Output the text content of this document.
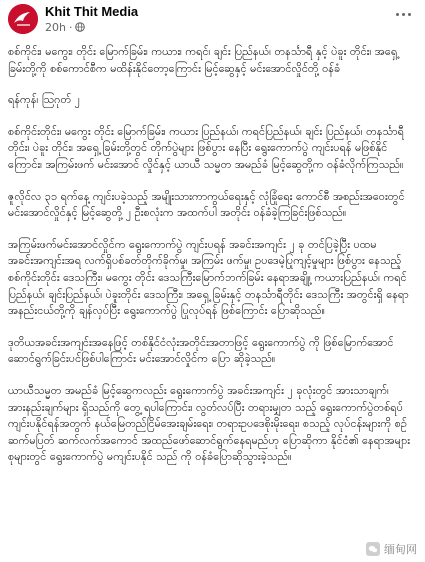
Khit Thit Media
20h ·

စစ်ကိုင်း၊ မကွေး၊ တိုင်း မြောက်ခြမ်း၊ ကယား၊ ကရင်၊ ချင်း ပြည်နယ်၊ တနင်္သာရီ နှင့် ပဲခူး တိုင်း၊ အရှေ့ ခြမ်းတို့ကို စစ်ကောင်စီက မထိန်းနိုင်တော့ကြောင်း မြင့်ဆွေနှင့် မင်းအောင်လှိုင်တို့ ဝန်ခံ

ရန်ကုန်၊ ဩဂုတ် ၂

စစ်ကိုင်းတိုင်း၊ မကွေး တိုင်း မြောက်ခြမ်း၊ ကယား ပြည်နယ်၊ ကရင်ပြည်နယ်၊ ချင်း ပြည်နယ်၊ တနင်္သာရီ တိုင်း၊ ပဲခူး တိုင်း၊ အရှေ့ ခြမ်းတို့တွင် တိုက်ပွဲများ ဖြစ်ပွား နေပြီး ရွေးကောက်ပွဲ ကျင်းပရန် မဖြစ်နိုင်ကြောင်း၊ အကြမ်းဖက် မင်းအောင် လှိုင်နှင့် ယာယီ သမ္မတ အမည်ခံ မြင့်ဆွေတို့က ဝန်ခံလိုက်ကြသည်။

ဇူလိုင်လ ၃၁ ရက်နေ့ ကျင်းပခဲ့သည့် အမျိုးသားကာကွယ်ရေးနှင့် လုံခြုံရေး ကောင်စီ အစည်းအဝေးတွင် မင်းအောင်လှိုင်နှင့် မြင့်ဆွေတို့ ၂ ဦးစလုံးက အထက်ပါ အတိုင်း ဝန်ခံခဲ့ကြခြင်းဖြစ်သည်။

အကြမ်းဖက်မင်းအောင်လှိုင်က ရွေးကောက်ပွဲ ကျင်းပရန် အခင်းအကျင်း ၂ ခု တင်ပြခဲ့ပြီး ပထမ အခင်းအကျင်းအရ လက်ရှိပစ်ခတ်တိုက်ခိုက်မှု၊ အကြမ်း ဖက်မှု၊ ဥပဒေမဲ့ပြုကျင့်မှုများ ဖြစ်ပွား နေသည့် စစ်ကိုင်းတိုင်း ဒေသကြီး၊ မကွေး တိုင်း ဒေသကြီးမြောက်ဘက်ခြမ်း နေရာအချို့၊ ကယားပြည်နယ်၊ ကရင် ပြည်နယ်၊ ချင်းပြည်နယ်၊ ပဲခူးတိုင်း ဒေသကြီး၊ အရှေ့ ခြမ်းနှင့် တနင်္သာရီတိုင်း ဒေသကြီး အတွင်းရှိ နေရာအနည်းငယ်တို့ကို ချန်လှပ်ပြီး ရွေးကောက်ပွဲ ပြုလုပ်ရန် ဖြစ်ကြောင်း ပြောဆိုသည်။

ဒုတိယအခင်းအကျင်းအနေဖြင့် တစ်နိုင်ငံလုံးအတိုင်းအတာဖြင့် ရွေးကောက်ပွဲ ကို ဖြစ်မြောက်အောင် ဆောင်ရွက်ခြင်းပင်ဖြစ်ပါကြောင်း မင်းအောင်လှိုင်က ပြော ဆိုခဲ့သည်။

ယာယီသမ္မတ အမည်ခံ မြင့်ဆွေကလည်း ရွေးကောက်ပွဲ အခင်းအကျင်း ၂ ခုလုံးတွင် အားသာချက်၊ အားနည်းချက်များ ရှိသည်ကို တွေ့ ရပါကြောင်း၊ လွတ်လပ်ပြီး တရားမျှတ သည့် ရွေးကောက်ပွဲတစ်ရပ်ကျင်းပနိုင်ရန်အတွက် နယ်မြေတည်ငြိမ်အေးချမ်းရေး၊ တရားဥပဒေစိုးမိုးရေး၊ စသည့် လုပ်ငန်းများကို စဉ်ဆက်မပြတ် ဆက်လက်အကောင် အထည်ဖော်ဆောင်ရွက်နေရမည်ဟု ပြောဆိုကာ နိုင်ငံ၏ နေရာအများစုများတွင် ရွေးကောက်ပွဲ မကျင်းပနိုင် သည် ကို ဝန်ခံပြောဆိုသွားခဲ့သည်။

缅甸网
